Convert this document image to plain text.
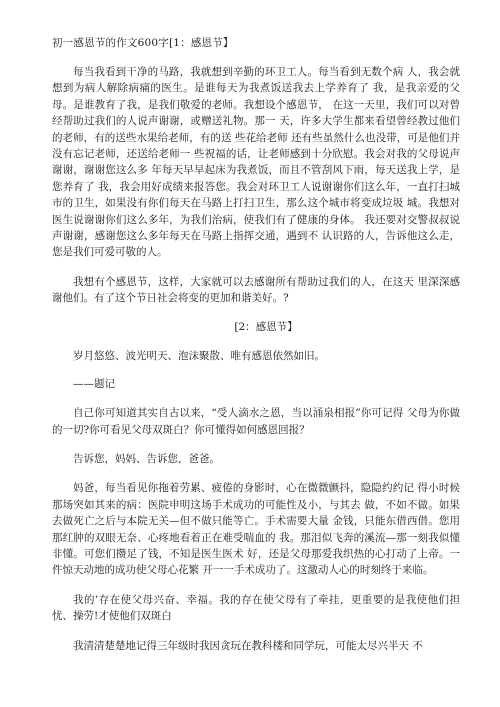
初一感恩节的作文600字[1：感恩节】

每当我看到干净的马路，我就想到辛勤的环卫工人。每当看到无数个病 人，我会就想到为病人解除病痛的医生。是谁每天为我煮饭送我去上学养育了 我，是我亲爱的父母。是谁教育了我，是我们敬爱的老师。我想设个感恩节， 在这一天里，我们可以对曾经帮助过我们的人说声谢谢，或赠送礼物。那一 天，许多大学生都来看望曾经教过他们的老师，有的送些水果给老师，有的送 些花给老师 还有些虽然什么也没带，可是他们并没有忘记老师，还送给老师一 些祝福的话，让老师感到十分欣慰。我会对我的父母说声谢谢，谢谢您这么多 年每天早早起床为我煮饭，而且不管刮风下雨，每天送我上学，是您养育了 我，我会用好成绩来报答您。我会对环卫工人说谢谢你们这么年，一直打扫城 市的卫生，如果没有你们每天在马路上打扫卫生，那么这个城市将变成垃圾 城。我想对医生说谢谢你们这么多年，为我们治病，使我们有了健康的身体。 我还要对交警叔叔说声谢谢，感谢您这么多年每天在马路上指挥交通，遇到不 认识路的人，告诉他这么走，您是我们可爱可敬的人。

我想有个感恩节，这样，大家就可以去感谢所有帮助过我们的人，在这天 里深深感谢他们。有了这个节日社会将变的更加和谐美好。?

[2：感恩节】

岁月悠悠、波光明天、泡沫聚散、唯有感恩依然如旧。

——题记

自己你可知道其实自古以来，“受人滴水之恩，当以涌泉相报”你可记得 父母为你做的一切?你可看见父母双斑白？你可懂得如何感恩回报？

告诉您，妈妈、告诉您，爸爸。

妈爸，每当看见你拖着劳累、疲倦的身影时，心在微微颤抖，隐隐约约记 得小时候那场突如其来的病：医院申明这场手术成功的可能性及小，与其去 做，不如不做。如果去做死亡之后与本院无关—但不做只能等亡。手术需要大量 金钱，只能东借西借。您用那红肿的双眼无奈、心疼地看着正在难受喘血的 我。那泪似飞奔的溪流—那一刻我似懂非懂。可您们攒足了钱，不知是医生医术 好，还是父母那爱我织热的心打动了上帝。一件惊天动地的成功使父母心花繁 开一一手术成功了。这激动人心的时刻终于来临。

我的’存在使父母兴奋、幸福。我的存在使父母有了牵挂，更重要的是我使他们担忧、操劳!才使他们双斑白

我清清楚楚地记得三年级时我因贪玩在教科楼和同学玩，可能太尽兴半天 不
